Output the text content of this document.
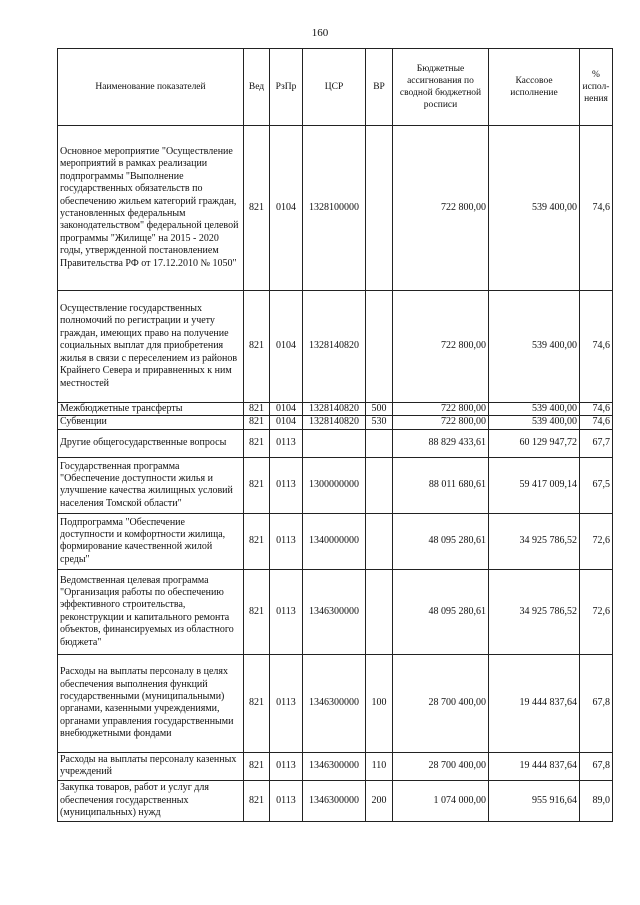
160
Наименование показателей	Вед	РзПр	ЦСР	ВР	Бюджетные ассигнования по сводной бюджетной росписи	Кассовое исполнение	% испол-нения
Основное мероприятие "Осуществление мероприятий в рамках реализации подпрограммы "Выполнение государственных обязательств по обеспечению жильем категорий граждан, установленных федеральным законодательством" федеральной целевой программы "Жилище" на 2015 - 2020 годы, утвержденной постановлением Правительства РФ от 17.12.2010 № 1050"	821	0104	1328100000		722 800,00	539 400,00	74,6
Осуществление государственных полномочий по регистрации и учету граждан, имеющих право на получение социальных выплат для приобретения жилья в связи с переселением из районов Крайнего Севера и приравненных к ним местностей	821	0104	1328140820		722 800,00	539 400,00	74,6
Межбюджетные трансферты	821	0104	1328140820	500	722 800,00	539 400,00	74,6
Субвенции	821	0104	1328140820	530	722 800,00	539 400,00	74,6
Другие общегосударственные вопросы	821	0113			88 829 433,61	60 129 947,72	67,7
Государственная программа "Обеспечение доступности жилья и улучшение качества жилищных условий населения Томской области"	821	0113	1300000000		88 011 680,61	59 417 009,14	67,5
Подпрограмма "Обеспечение доступности и комфортности жилища, формирование качественной жилой среды"	821	0113	1340000000		48 095 280,61	34 925 786,52	72,6
Ведомственная целевая программа "Организация работы по обеспечению эффективного строительства, реконструкции и капитального ремонта объектов, финансируемых из областного бюджета"	821	0113	1346300000		48 095 280,61	34 925 786,52	72,6
Расходы на выплаты персоналу в целях обеспечения выполнения функций государственными (муниципальными) органами, казенными учреждениями, органами управления государственными внебюджетными фондами	821	0113	1346300000	100	28 700 400,00	19 444 837,64	67,8
Расходы на выплаты персоналу казенных учреждений	821	0113	1346300000	110	28 700 400,00	19 444 837,64	67,8
Закупка товаров, работ и услуг для обеспечения государственных (муниципальных) нужд	821	0113	1346300000	200	1 074 000,00	955 916,64	89,0
